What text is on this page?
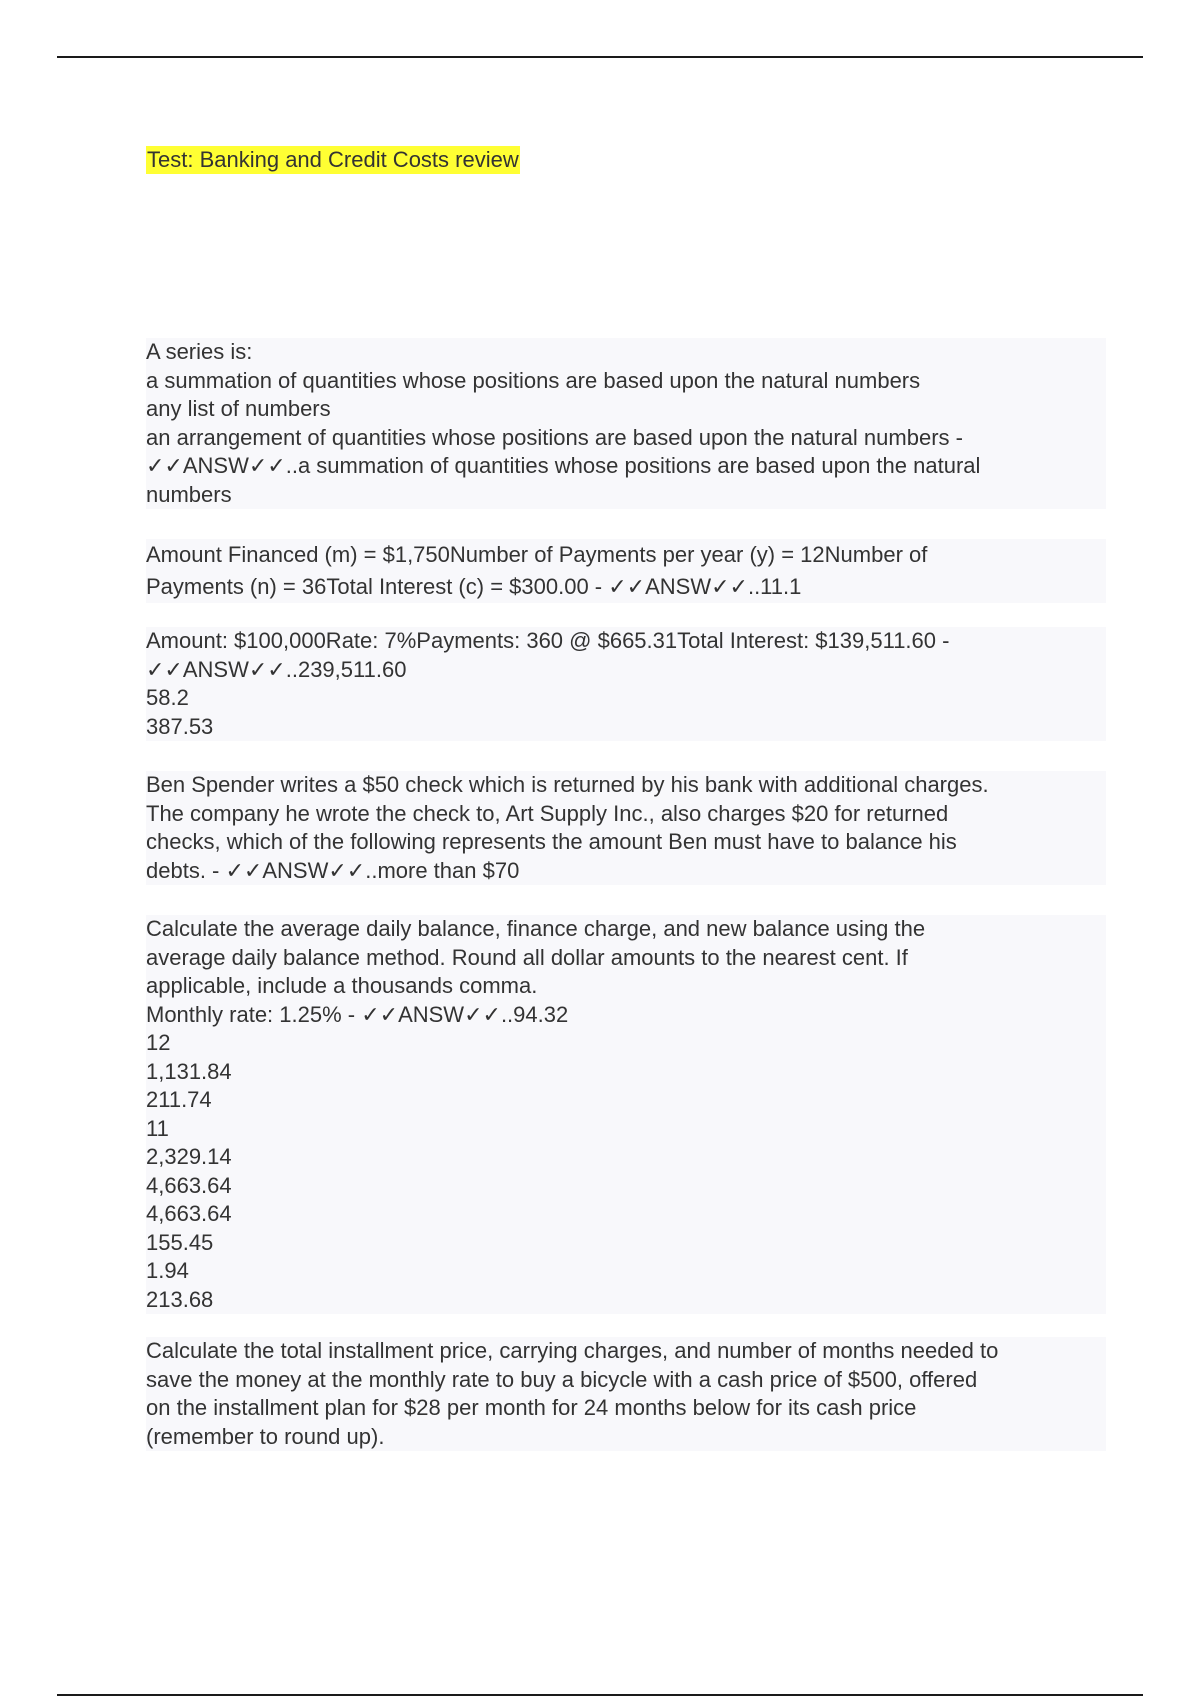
Test: Banking and Credit Costs review
A series is:
a summation of quantities whose positions are based upon the natural numbers
any list of numbers
an arrangement of quantities whose positions are based upon the natural numbers -
✓✓ANSW✓✓..a summation of quantities whose positions are based upon the natural
numbers
Amount Financed (m) = $1,750Number of Payments per year (y) = 12Number of
Payments (n) = 36Total Interest (c) = $300.00 - ✓✓ANSW✓✓..11.1
Amount: $100,000Rate: 7%Payments: 360 @ $665.31Total Interest: $139,511.60 -
✓✓ANSW✓✓..239,511.60
58.2
387.53
Ben Spender writes a $50 check which is returned by his bank with additional charges.
The company he wrote the check to, Art Supply Inc., also charges $20 for returned
checks, which of the following represents the amount Ben must have to balance his
debts. - ✓✓ANSW✓✓..more than $70
Calculate the average daily balance, finance charge, and new balance using the
average daily balance method. Round all dollar amounts to the nearest cent. If
applicable, include a thousands comma.
Monthly rate: 1.25% - ✓✓ANSW✓✓..94.32
12
1,131.84
211.74
11
2,329.14
4,663.64
4,663.64
155.45
1.94
213.68
Calculate the total installment price, carrying charges, and number of months needed to
save the money at the monthly rate to buy a bicycle with a cash price of $500, offered
on the installment plan for $28 per month for 24 months below for its cash price
(remember to round up).
